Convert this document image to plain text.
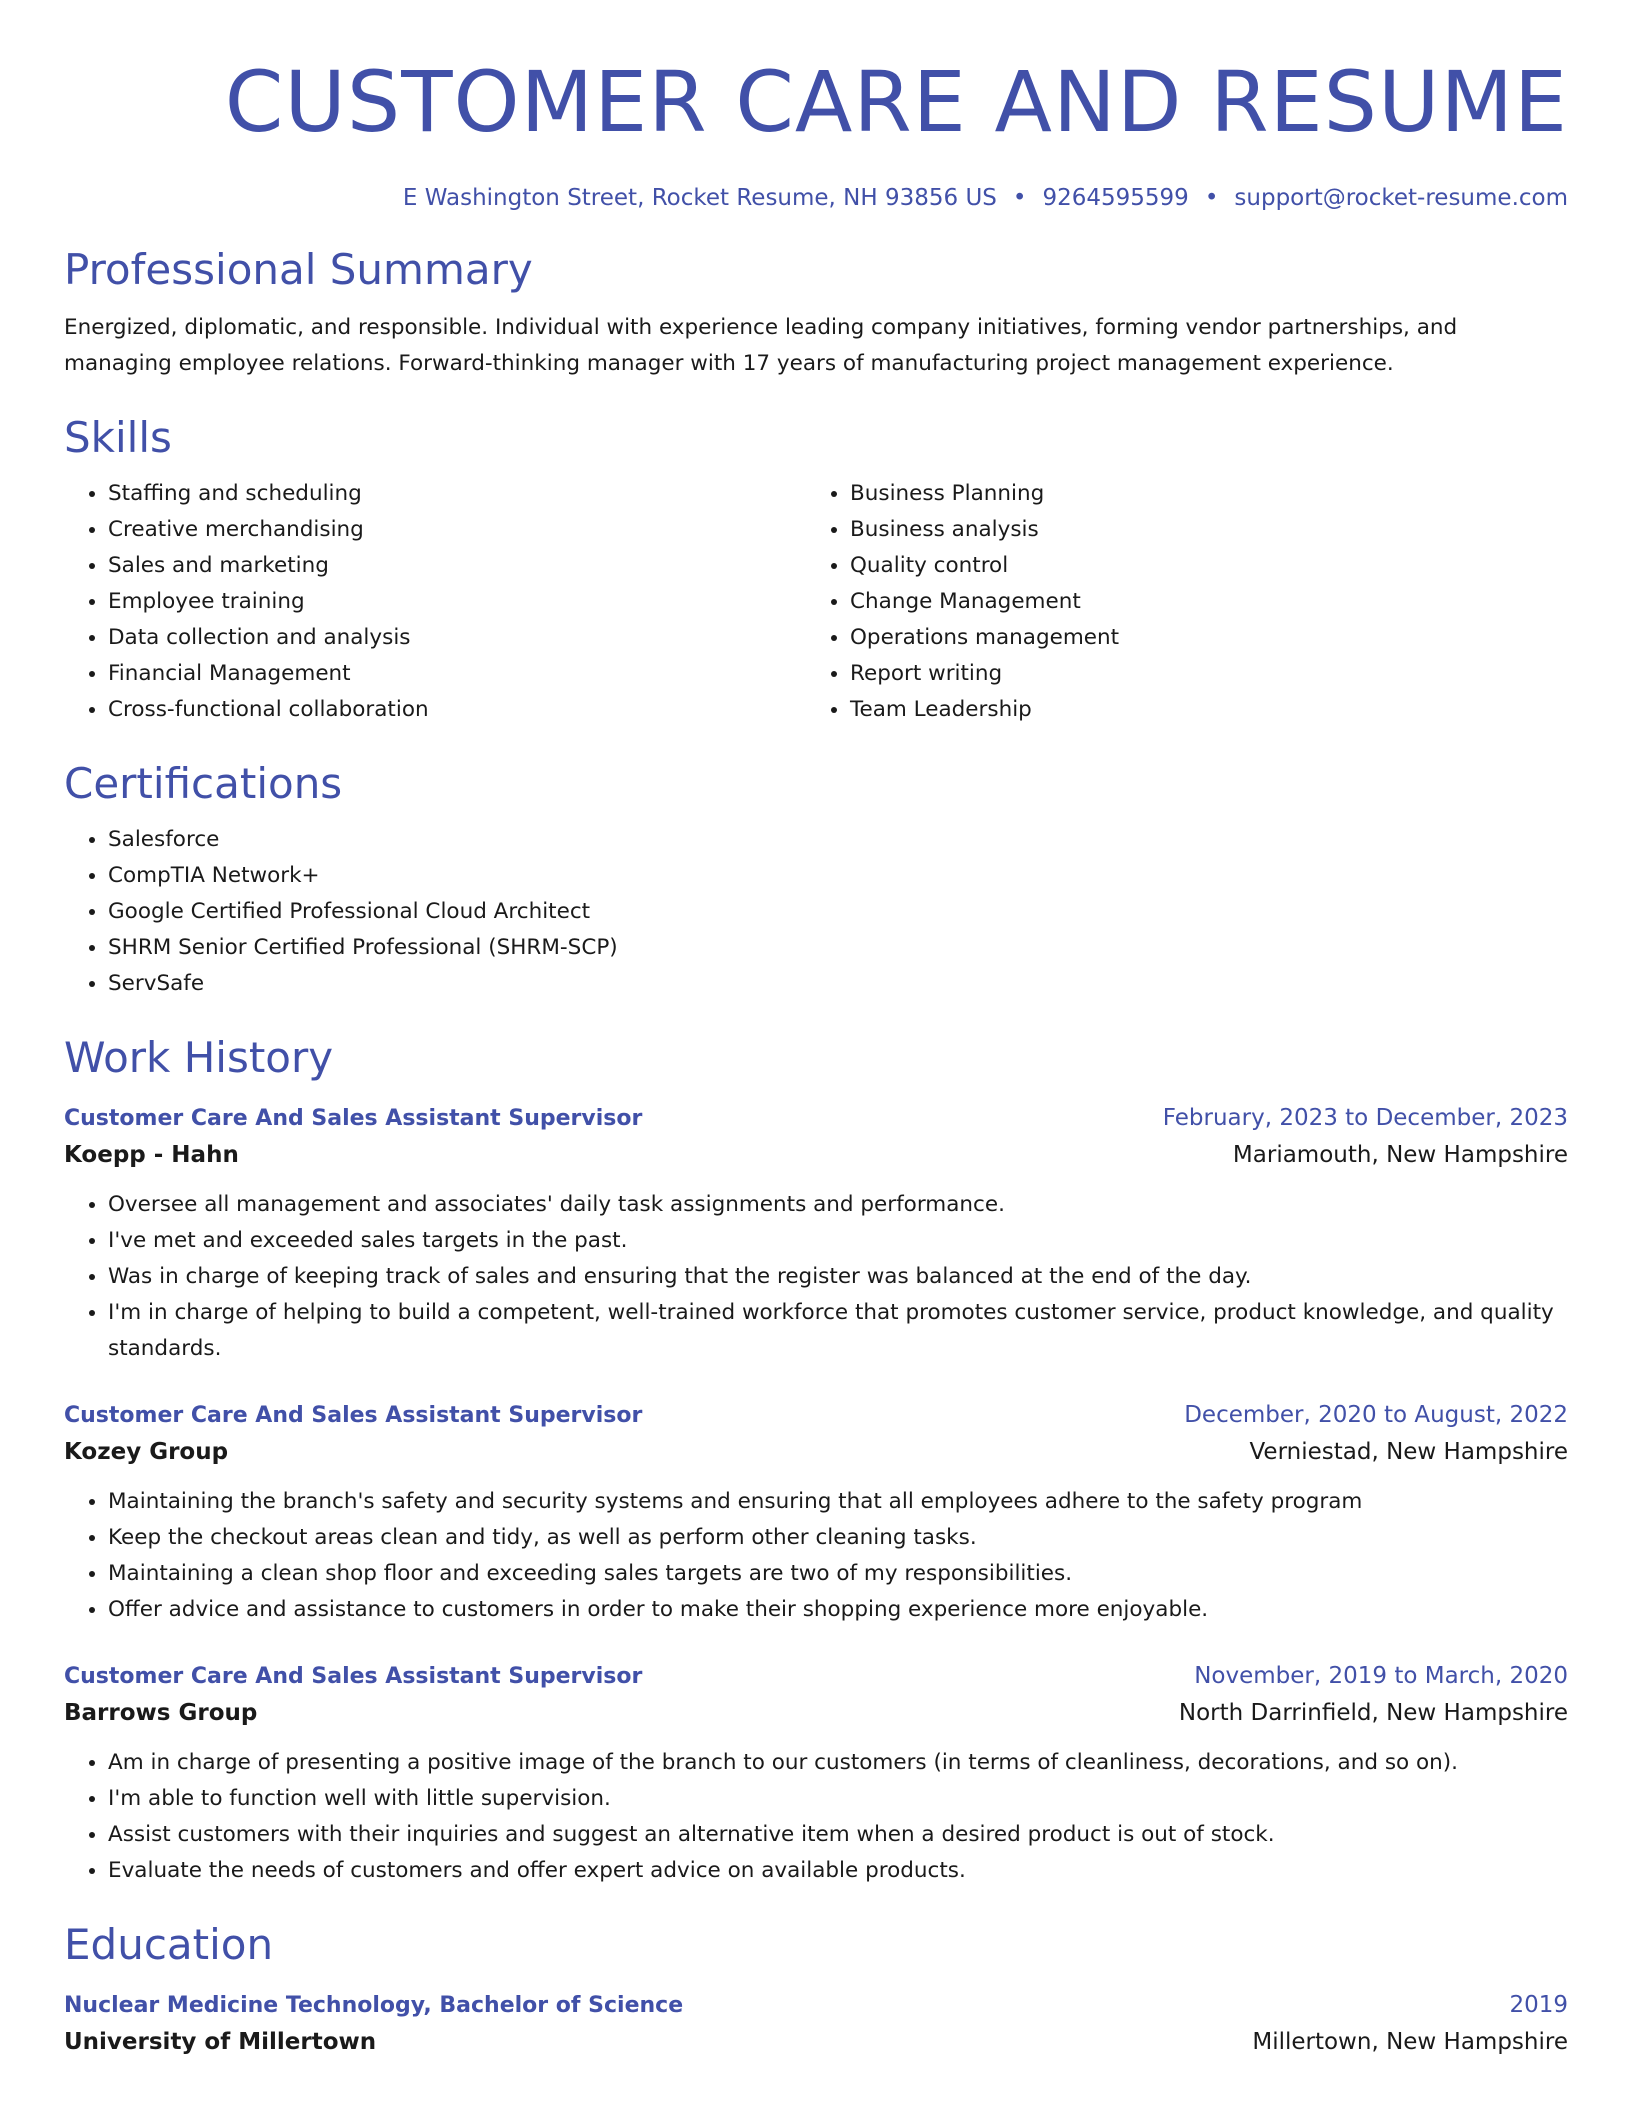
CUSTOMER CARE AND RESUME
E Washington Street, Rocket Resume, NH 93856 US • 9264595599 • support@rocket-resume.com
Professional Summary

Energized, diplomatic, and responsible. Individual with experience leading company initiatives, forming vendor partnerships, and managing employee relations. Forward-thinking manager with 17 years of manufacturing project management experience.

Skills
• Staffing and scheduling
• Creative merchandising
• Sales and marketing
• Employee training
• Data collection and analysis
• Financial Management
• Cross-functional collaboration
• Business Planning
• Business analysis
• Quality control
• Change Management
• Operations management
• Report writing
• Team Leadership
Certifications
• Salesforce
• CompTIA Network+
• Google Certified Professional Cloud Architect
• SHRM Senior Certified Professional (SHRM-SCP)
• ServSafe
Work History
Customer Care And Sales Assistant Supervisor	February, 2023 to December, 2023
Koepp - Hahn	Mariamouth, New Hampshire
• Oversee all management and associates' daily task assignments and performance.
• I've met and exceeded sales targets in the past.
• Was in charge of keeping track of sales and ensuring that the register was balanced at the end of the day.
• I'm in charge of helping to build a competent, well-trained workforce that promotes customer service, product knowledge, and quality standards.
Customer Care And Sales Assistant Supervisor	December, 2020 to August, 2022
Kozey Group	Verniestad, New Hampshire
• Maintaining the branch's safety and security systems and ensuring that all employees adhere to the safety program
• Keep the checkout areas clean and tidy, as well as perform other cleaning tasks.
• Maintaining a clean shop floor and exceeding sales targets are two of my responsibilities.
• Offer advice and assistance to customers in order to make their shopping experience more enjoyable.
Customer Care And Sales Assistant Supervisor	November, 2019 to March, 2020
Barrows Group	North Darrinfield, New Hampshire
• Am in charge of presenting a positive image of the branch to our customers (in terms of cleanliness, decorations, and so on).
• I'm able to function well with little supervision.
• Assist customers with their inquiries and suggest an alternative item when a desired product is out of stock.
• Evaluate the needs of customers and offer expert advice on available products.
Education
Nuclear Medicine Technology, Bachelor of Science	2019
University of Millertown	Millertown, New Hampshire
